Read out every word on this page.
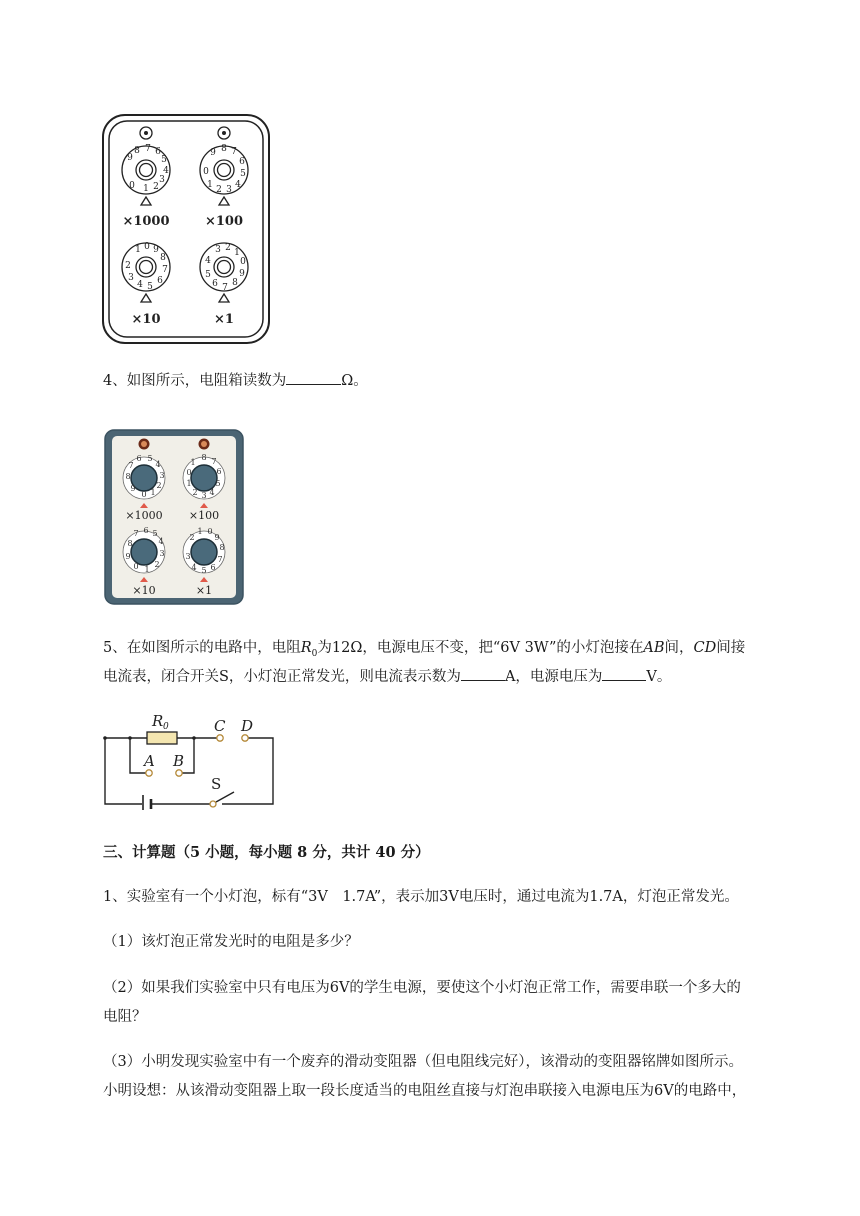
1 2
3
4
5
6
7
8
9
0	1 2 3 4
5
6
7
8
9
0
×1000	×100
1 0 9
8
7
6
5
4
3
2
3 2 1
0
9
8
7
6
5
4
×10	×1
4、如图所示，电阻箱读数为	Ω。
0 1
2
3
4
5
6
7
8
9
0
1
8 7
6
5
4
3
2
1
×1000 ×100
8
7 6 5
4
3
2
1
0
9
2
1 0
9
8
7
6
5
4
3
×10	×1
5、在如图所示的电路中，电阻$R_0$为12Ω，电源电压不变，把“6V 3W”的小灯泡接在AB间，CD间接
电流表，闭合开关S，小灯泡正常发光，则电流表示数为	A，电源电压为	V。
R 0	C D
A B
S
三、计算题（5 小题，每小题 8 分，共计 40 分）
1、实验室有一个小灯泡，标有“3V　1.7A”，表示加3V电压时，通过电流为1.7A，灯泡正常发光。
（1）该灯泡正常发光时的电阻是多少？
（2）如果我们实验室中只有电压为6V的学生电源，要使这个小灯泡正常工作，需要串联一个多大的
电阻？
（3）小明发现实验室中有一个废弃的滑动变阻器（但电阻线完好），该滑动的变阻器铭牌如图所示。
小明设想：从该滑动变阻器上取一段长度适当的电阻丝直接与灯泡串联接入电源电压为6V的电路中，
